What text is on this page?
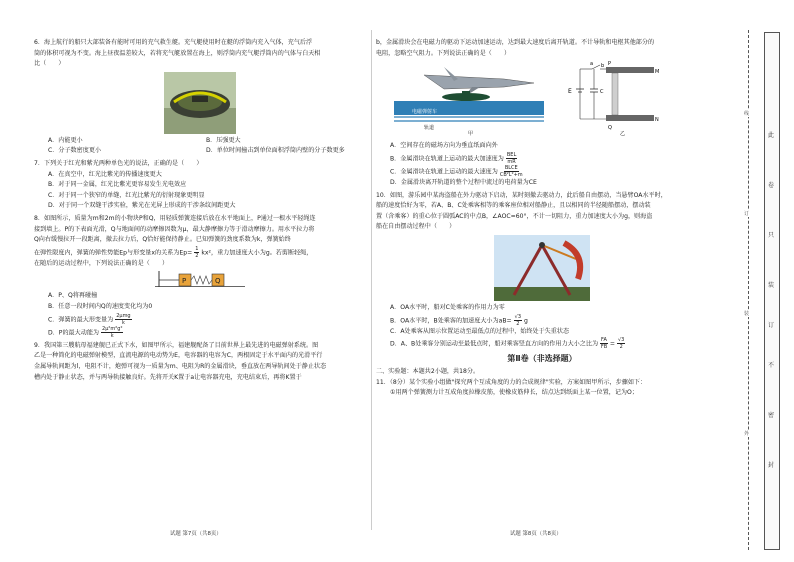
6．海上航行的船只大部装备有能时可用的充气救生艇。充气艇使用时在艇的浮筒内充入气体，充气后浮

筒的体积可视为不变。海上昼夜温差较大，若将充气艇放置在海上，则浮筒内充气艇浮筒内的气体与白天相

比（　　）

A．内能更小	B．压强更大
C．分子数密度更小	D．单位时间撞击到单位面积浮筒内壁的分子数更多

7．下列关于红光和紫光两种单色光的说法，正确的是（　　）

A．在真空中，红光比紫光的传播速度更大

B．对于同一金属，红光比紫光更容易发生光电效应

C．对于同一个狭窄的单缝，红光比紫光的衍射现象更明显

D．对于同一个双缝干涉实验，紫光在光屏上形成的干涉条纹间距更大

8．如图所示，质量为m和2m的小物块P和Q，用轻质弹簧连接后放在水平地面上，P通过一根水平轻绳连

接到墙上。P的下表面光滑，Q与地面间的动摩擦因数为μ，最大静摩擦力等于滑动摩擦力。用水平拉力将

Q向右缓慢拉开一段距离，撤去拉力后，Q恰好能保持静止。已知弹簧的劲度系数为k，弹簧始终

在弹性限度内，弹簧的弹性势能Ep与形变量x的关系为$Ep= \frac{1}{2} kx^2$，重力加速度大小为g。若剪断轻绳，

在随后的运动过程中，下列说法正确的是（　　）

P	Q

A．P、Q将再碰撞

B．任意一段时间内Q的速度变化均为0

C．弹簧的最大形变量为 $\frac{\text{2μmg}}{k}$

D．P的最大动能为 $\frac{\text{2μ²m²g²}}{k}$

9．我国第三艘航母福建舰已正式下水，如图甲所示，福建舰配备了目前世界上最先进的电磁弹射系统。图

乙是一种简化的电磁弹射模型，直流电源的电动势为E，电容器的电容为C，两根固定于水平面内的光滑平行

金属导轨间距为l，电阻不计，炮弹可视为一质量为m、电阻为R的金属滑块，垂直放在两导轨间处于静止状态

槽内处于静止状态，并与两导轨接触良好。先将开关K置于a让电容器充电，充电结束后，再将K置于

试题 第7页（共8页）

b，金属滑块会在电磁力的驱动下运动加速运动，达到最大速度后离开轨道。不计导轨和电枢其他部分的

电阻，忽略空气阻力。下列说法正确的是（　　）

电磁弹射车
轨道
甲
E
a b
C
P
Q
M
N
乙

A．空间存在的磁场方向为垂直纸面向外

B．金属滑块在轨道上运动的最大加速度为 $\frac{\text{BEL}}{mR}$

C．金属滑块在轨道上运动的最大速度为 $\frac{\text{BLCE}}{\text{CB²L²+m}}$

D．金属滑块离开轨道的整个过程中流过的电荷量为CE

10．如图，游乐园中某海盗船在外力驱动下启动，某时刻撤去驱动力，此后船自由摆动，当悬臂OA水平时，

船的速度恰好为零，若A、B、C处乘客相等的乘客座位相对船静止，且以相同的半径随船摆动，摆动装

置（含乘客）的重心位于圆弧AC的中点B，∠AOC=60°，不计一切阻力，重力加速度大小为g，则海盗

船在自由摆动过程中（　　）

A．OA水平时，船对C处乘客的作用力为零

B．OA水平时，B处乘客的加速度大小为$aB= \frac{√3}{2}$ g

C．A处乘客从图示位置运动至最低点的过程中，始终处于失重状态

D．A、B处乘客分别运动至最低点时，船对乘客竖直方向的作用力大小之比为 $\frac{FA}{FB} = \frac{√3}{2}$

第Ⅱ卷（非选择题）

二、实验题：本题共2小题，共18分。

11．（8分）某个实验小组做"探究两个互成角度的力的合成规律"实验，方案如图甲所示，步骤如下：

①用两个弹簧测力计互成角度拉橡皮筋，使橡皮筋伸长，结点达到纸面上某一位置，记为O；

试题 第8页（共8页）
此
卷
只
装
订
不
密
封
线
订
装
外
